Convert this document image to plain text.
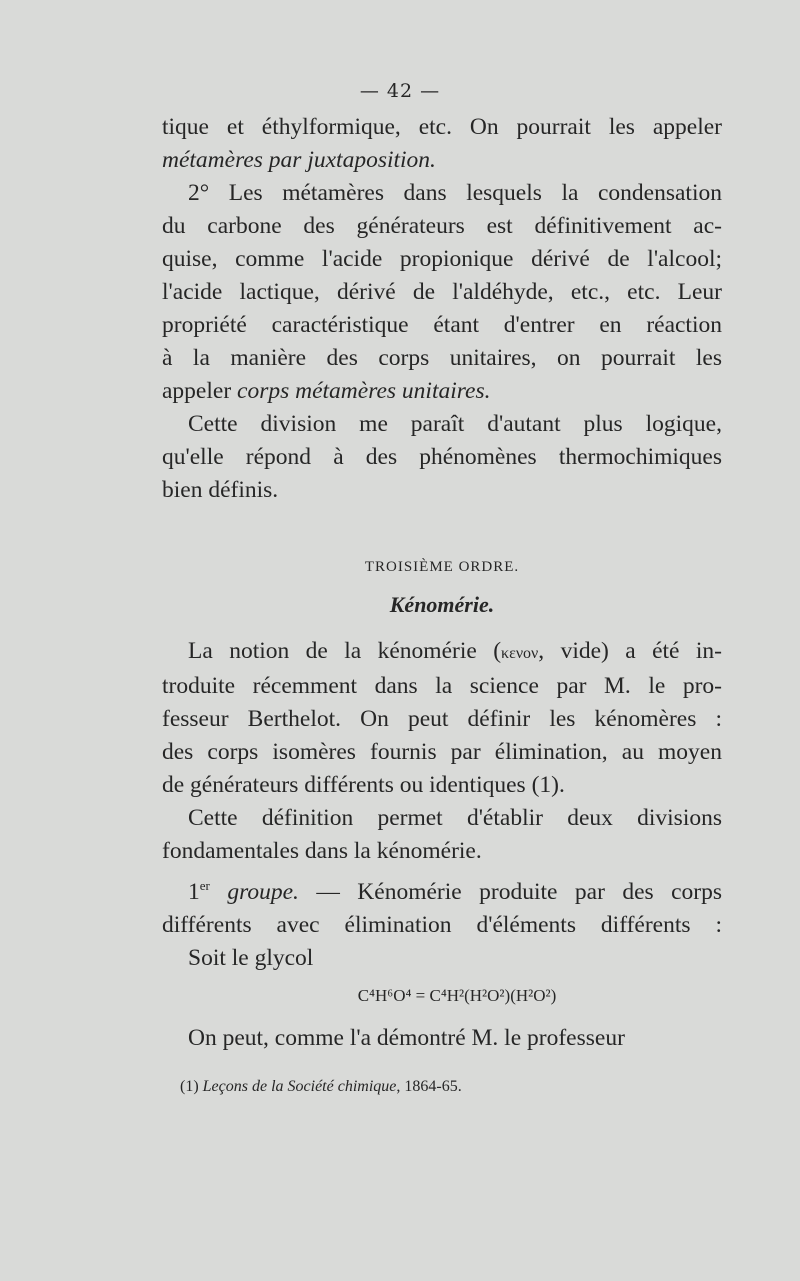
— 42 —

tique et éthylformique, etc. On pourrait les appeler

métamères par juxtaposition.

2° Les métamères dans lesquels la condensation

du carbone des générateurs est définitivement ac-

quise, comme l'acide propionique dérivé de l'alcool;

l'acide lactique, dérivé de l'aldéhyde, etc., etc. Leur

propriété caractéristique étant d'entrer en réaction

à la manière des corps unitaires, on pourrait les

appeler corps métamères unitaires.

Cette division me paraît d'autant plus logique,

qu'elle répond à des phénomènes thermochimiques

bien définis.

TROISIÈME ORDRE.

Kénomérie.

La notion de la kénomérie (κενον, vide) a été in-

troduite récemment dans la science par M. le pro-

fesseur Berthelot. On peut définir les kénomères :

des corps isomères fournis par élimination, au moyen

de générateurs différents ou identiques (1).

Cette définition permet d'établir deux divisions

fondamentales dans la kénomérie.

1er groupe. — Kénomérie produite par des corps

différents avec élimination d'éléments différents :

Soit le glycol

C⁴H⁶O⁴ = C⁴H²(H²O²)(H²O²)

On peut, comme l'a démontré M. le professeur

(1) Leçons de la Société chimique, 1864-65.
